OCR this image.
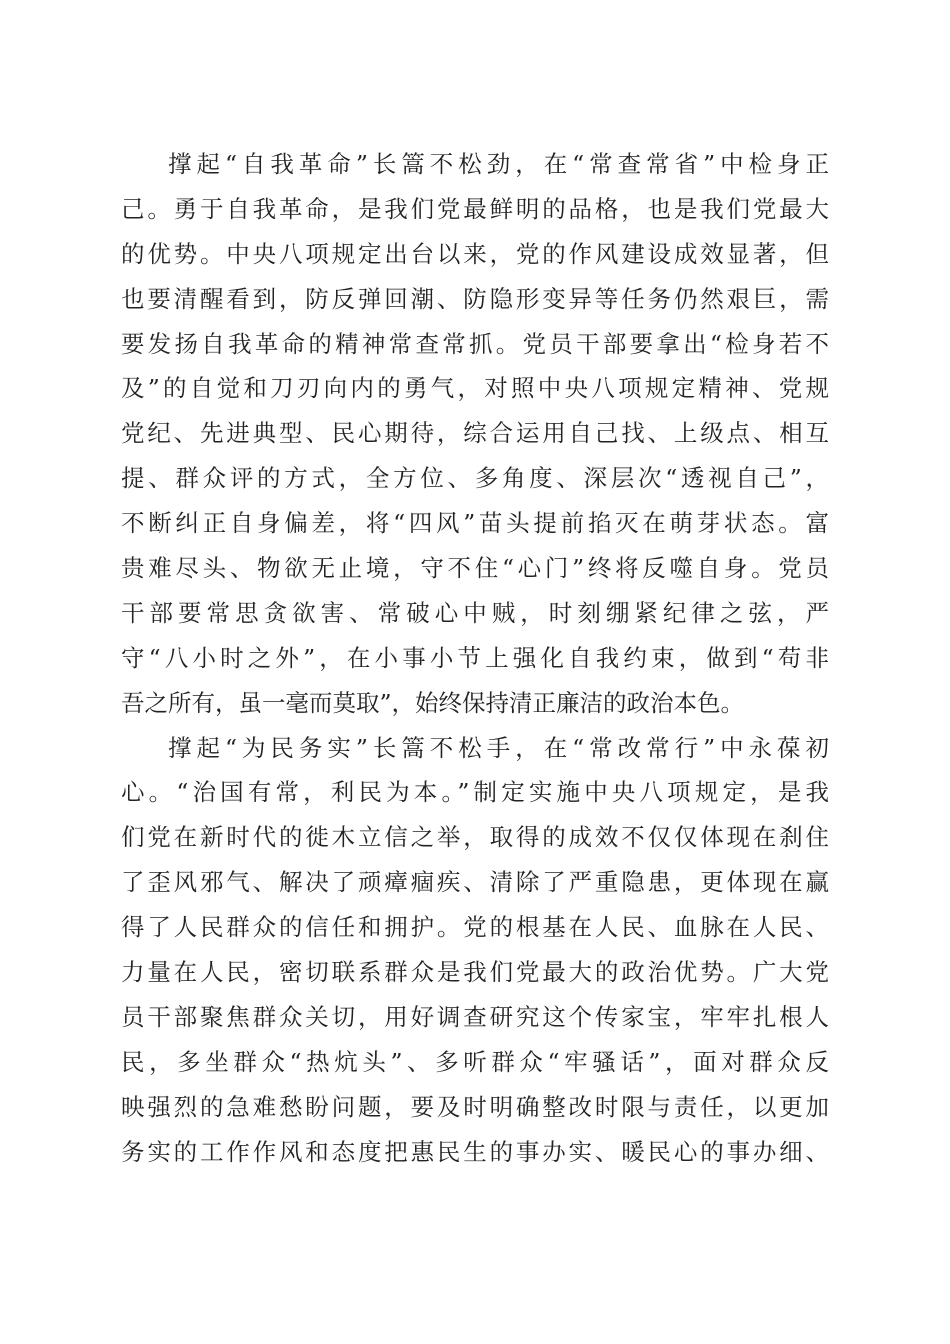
撑起“自我革命”长篙不松劲，在“常查常省”中检身正
己。勇于自我革命，是我们党最鲜明的品格，也是我们党最大
的优势。中央八项规定出台以来，党的作风建设成效显著，但
也要清醒看到，防反弹回潮、防隐形变异等任务仍然艰巨，需
要发扬自我革命的精神常查常抓。党员干部要拿出“检身若不
及”的自觉和刀刃向内的勇气，对照中央八项规定精神、党规
党纪、先进典型、民心期待，综合运用自己找、上级点、相互
提、群众评的方式，全方位、多角度、深层次“透视自己”，
不断纠正自身偏差，将“四风”苗头提前掐灭在萌芽状态。富
贵难尽头、物欲无止境，守不住“心门”终将反噬自身。党员
干部要常思贪欲害、常破心中贼，时刻绷紧纪律之弦，严
守“八小时之外”，在小事小节上强化自我约束，做到“苟非
吾之所有，虽一毫而莫取”，始终保持清正廉洁的政治本色。
撑起“为民务实”长篙不松手，在“常改常行”中永葆初
心。“治国有常，利民为本。”制定实施中央八项规定，是我
们党在新时代的徙木立信之举，取得的成效不仅仅体现在刹住
了歪风邪气、解决了顽瘴痼疾、清除了严重隐患，更体现在赢
得了人民群众的信任和拥护。党的根基在人民、血脉在人民、
力量在人民，密切联系群众是我们党最大的政治优势。广大党
员干部聚焦群众关切，用好调查研究这个传家宝，牢牢扎根人
民，多坐群众“热炕头”、多听群众“牢骚话”，面对群众反
映强烈的急难愁盼问题，要及时明确整改时限与责任，以更加
务实的工作作风和态度把惠民生的事办实、暖民心的事办细、
